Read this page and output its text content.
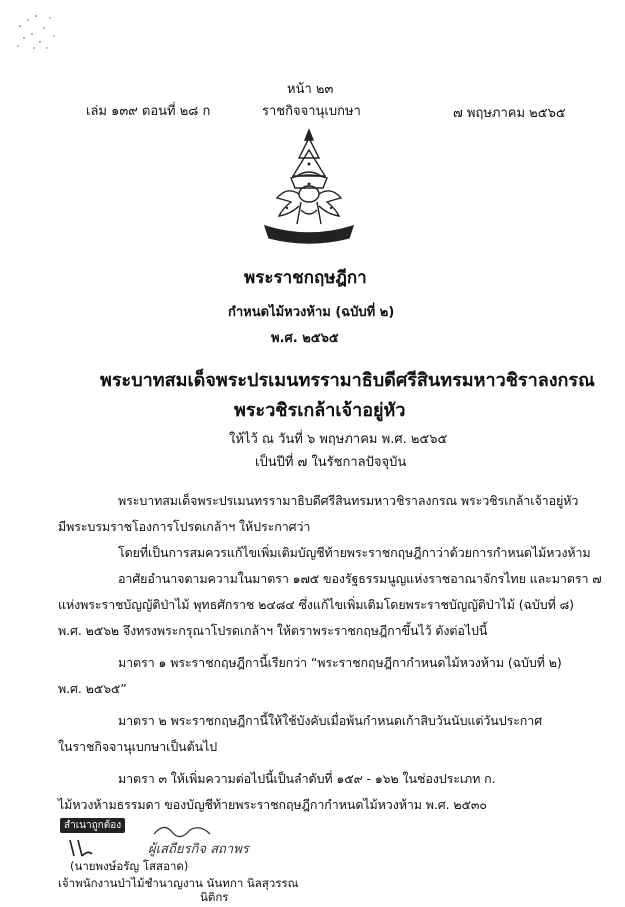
หน้า ๒๓
เล่ม ๑๓๙ ตอนที่ ๒๘ ก	ราชกิจจานุเบกษา	๗ พฤษภาคม ๒๕๖๕
พระราชกฤษฎีกา
กำหนดไม้หวงห้าม (ฉบับที่ ๒)
พ.ศ. ๒๕๖๕
พระบาทสมเด็จพระปรเมนทรรามาธิบดีศรีสินทรมหาวชิราลงกรณ
พระวชิรเกล้าเจ้าอยู่หัว
ให้ไว้ ณ วันที่ ๖ พฤษภาคม พ.ศ. ๒๕๖๕
เป็นปีที่ ๗ ในรัชกาลปัจจุบัน
พระบาทสมเด็จพระปรเมนทรรามาธิบดีศรีสินทรมหาวชิราลงกรณ พระวชิรเกล้าเจ้าอยู่หัว
มีพระบรมราชโองการโปรดเกล้าฯ ให้ประกาศว่า
โดยที่เป็นการสมควรแก้ไขเพิ่มเติมบัญชีท้ายพระราชกฤษฎีกาว่าด้วยการกำหนดไม้หวงห้าม
อาศัยอำนาจตามความในมาตรา ๑๗๕ ของรัฐธรรมนูญแห่งราชอาณาจักรไทย และมาตรา ๗
แห่งพระราชบัญญัติป่าไม้ พุทธศักราช ๒๔๘๔ ซึ่งแก้ไขเพิ่มเติมโดยพระราชบัญญัติป่าไม้ (ฉบับที่ ๘)
พ.ศ. ๒๕๖๒ จึงทรงพระกรุณาโปรดเกล้าฯ ให้ตราพระราชกฤษฎีกาขึ้นไว้ ดังต่อไปนี้
มาตรา ๑ พระราชกฤษฎีกานี้เรียกว่า “พระราชกฤษฎีกากำหนดไม้หวงห้าม (ฉบับที่ ๒)
พ.ศ. ๒๕๖๕”
มาตรา ๒ พระราชกฤษฎีกานี้ให้ใช้บังคับเมื่อพ้นกำหนดเก้าสิบวันนับแต่วันประกาศ
ในราชกิจจานุเบกษาเป็นต้นไป
มาตรา ๓ ให้เพิ่มความต่อไปนี้เป็นลำดับที่ ๑๕๙ - ๑๖๒ ในช่องประเภท ก.
ไม้หวงห้ามธรรมดา ของบัญชีท้ายพระราชกฤษฎีกากำหนดไม้หวงห้าม พ.ศ. ๒๕๓๐
สำเนาถูกต้อง
ผู้เสถียรกิจ สถาพร
(นายพงษ์อรัญ โสสอาด)
เจ้าพนักงานป่าไม้ชำนาญงาน นันทกา นิลสุวรรณ
นิติกร
